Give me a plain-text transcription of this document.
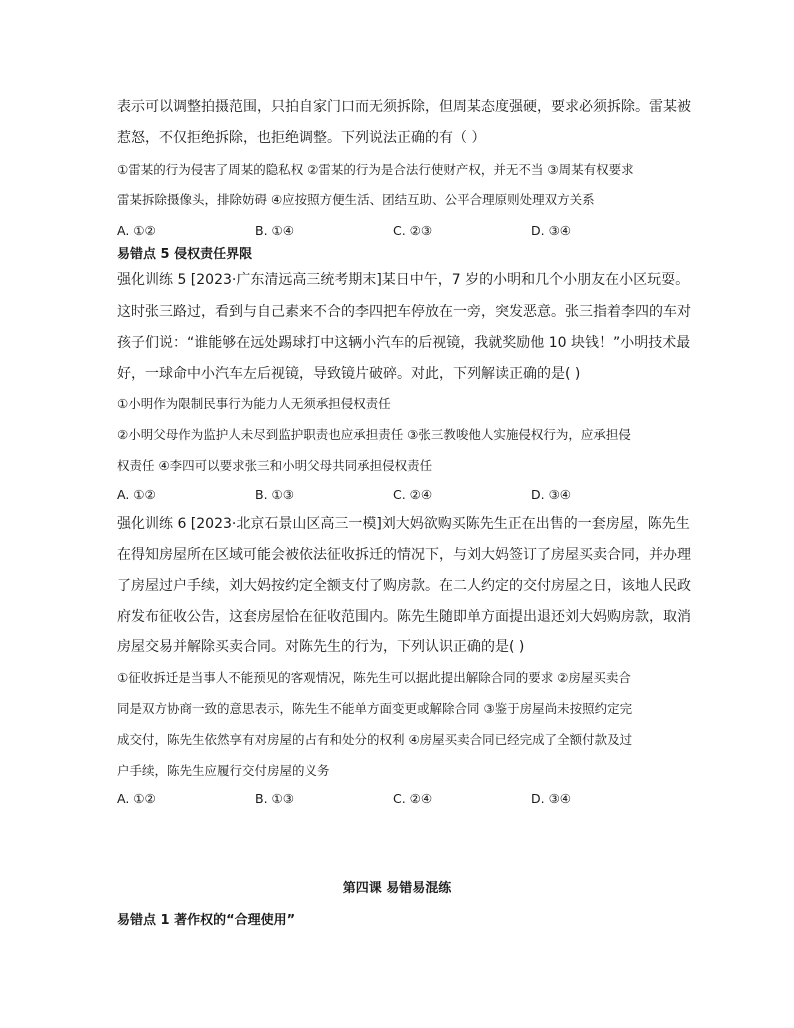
表示可以调整拍摄范围，只拍自家门口而无须拆除，但周某态度强硬，要求必须拆除。雷某被
惹怒，不仅拒绝拆除，也拒绝调整。下列说法正确的有（ ）
①雷某的行为侵害了周某的隐私权 ②雷某的行为是合法行使财产权，并无不当 ③周某有权要求
雷某拆除摄像头，排除妨碍 ④应按照方便生活、团结互助、公平合理原则处理双方关系
A. ①②	B. ①④	C. ②③	D. ③④
易错点 5 侵权责任界限
强化训练 5 [2023·广东清远高三统考期末]某日中午，7 岁的小明和几个小朋友在小区玩耍。
这时张三路过，看到与自己素来不合的李四把车停放在一旁，突发恶意。张三指着李四的车对
孩子们说：“谁能够在远处踢球打中这辆小汽车的后视镜，我就奖励他 10 块钱！”小明技术最
好，一球命中小汽车左后视镜，导致镜片破碎。对此，下列解读正确的是( )
①小明作为限制民事行为能力人无须承担侵权责任
②小明父母作为监护人未尽到监护职责也应承担责任 ③张三教唆他人实施侵权行为，应承担侵
权责任 ④李四可以要求张三和小明父母共同承担侵权责任
A. ①②	B. ①③	C. ②④	D. ③④
强化训练 6 [2023·北京石景山区高三一模]刘大妈欲购买陈先生正在出售的一套房屋，陈先生
在得知房屋所在区域可能会被依法征收拆迁的情况下，与刘大妈签订了房屋买卖合同，并办理
了房屋过户手续，刘大妈按约定全额支付了购房款。在二人约定的交付房屋之日，该地人民政
府发布征收公告，这套房屋恰在征收范围内。陈先生随即单方面提出退还刘大妈购房款，取消
房屋交易并解除买卖合同。对陈先生的行为，下列认识正确的是( )
①征收拆迁是当事人不能预见的客观情况，陈先生可以据此提出解除合同的要求 ②房屋买卖合
同是双方协商一致的意思表示，陈先生不能单方面变更或解除合同 ③鉴于房屋尚未按照约定完
成交付，陈先生依然享有对房屋的占有和处分的权利 ④房屋买卖合同已经完成了全额付款及过
户手续，陈先生应履行交付房屋的义务
A. ①②	B. ①③	C. ②④	D. ③④
第四课 易错易混练
易错点 1 著作权的“合理使用”
